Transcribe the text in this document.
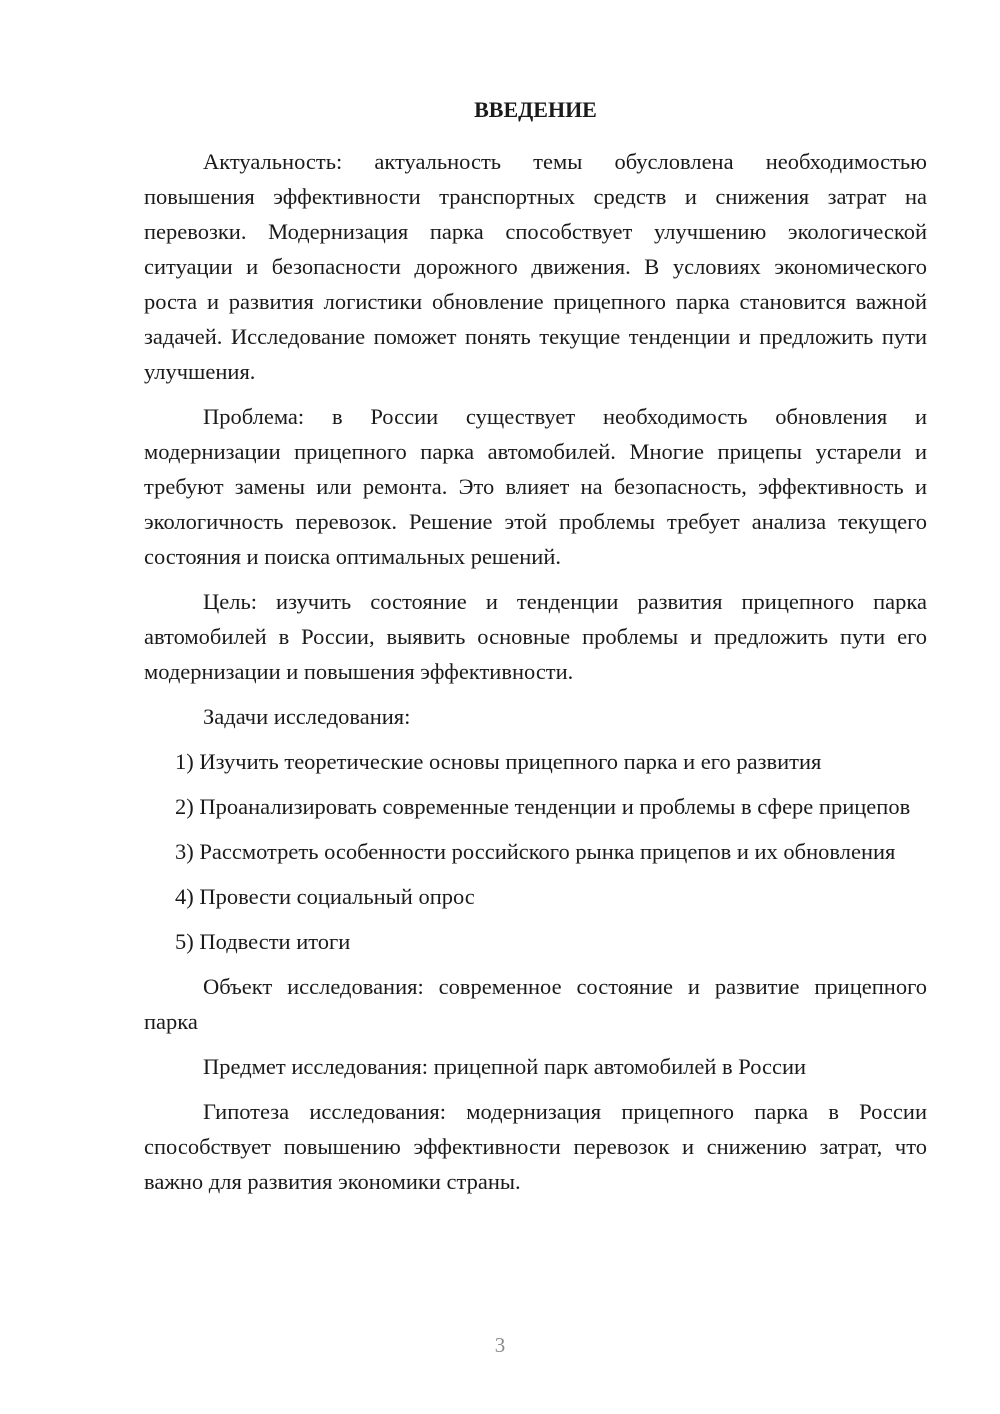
ВВЕДЕНИЕ

Актуальность: актуальность темы обусловлена необходимостью повышения эффективности транспортных средств и снижения затрат на перевозки. Модернизация парка способствует улучшению экологической ситуации и безопасности дорожного движения. В условиях экономического роста и развития логистики обновление прицепного парка становится важной задачей. Исследование поможет понять текущие тенденции и предложить пути улучшения.

Проблема: в России существует необходимость обновления и модернизации прицепного парка автомобилей. Многие прицепы устарели и требуют замены или ремонта. Это влияет на безопасность, эффективность и экологичность перевозок. Решение этой проблемы требует анализа текущего состояния и поиска оптимальных решений.

Цель: изучить состояние и тенденции развития прицепного парка автомобилей в России, выявить основные проблемы и предложить пути его модернизации и повышения эффективности.

Задачи исследования:

1) Изучить теоретические основы прицепного парка и его развития

2) Проанализировать современные тенденции и проблемы в сфере прицепов

3) Рассмотреть особенности российского рынка прицепов и их обновления

4) Провести социальный опрос

5) Подвести итоги

Объект исследования: современное состояние и развитие прицепного парка

Предмет исследования: прицепной парк автомобилей в России

Гипотеза исследования: модернизация прицепного парка в России способствует повышению эффективности перевозок и снижению затрат, что важно для развития экономики страны.

3
